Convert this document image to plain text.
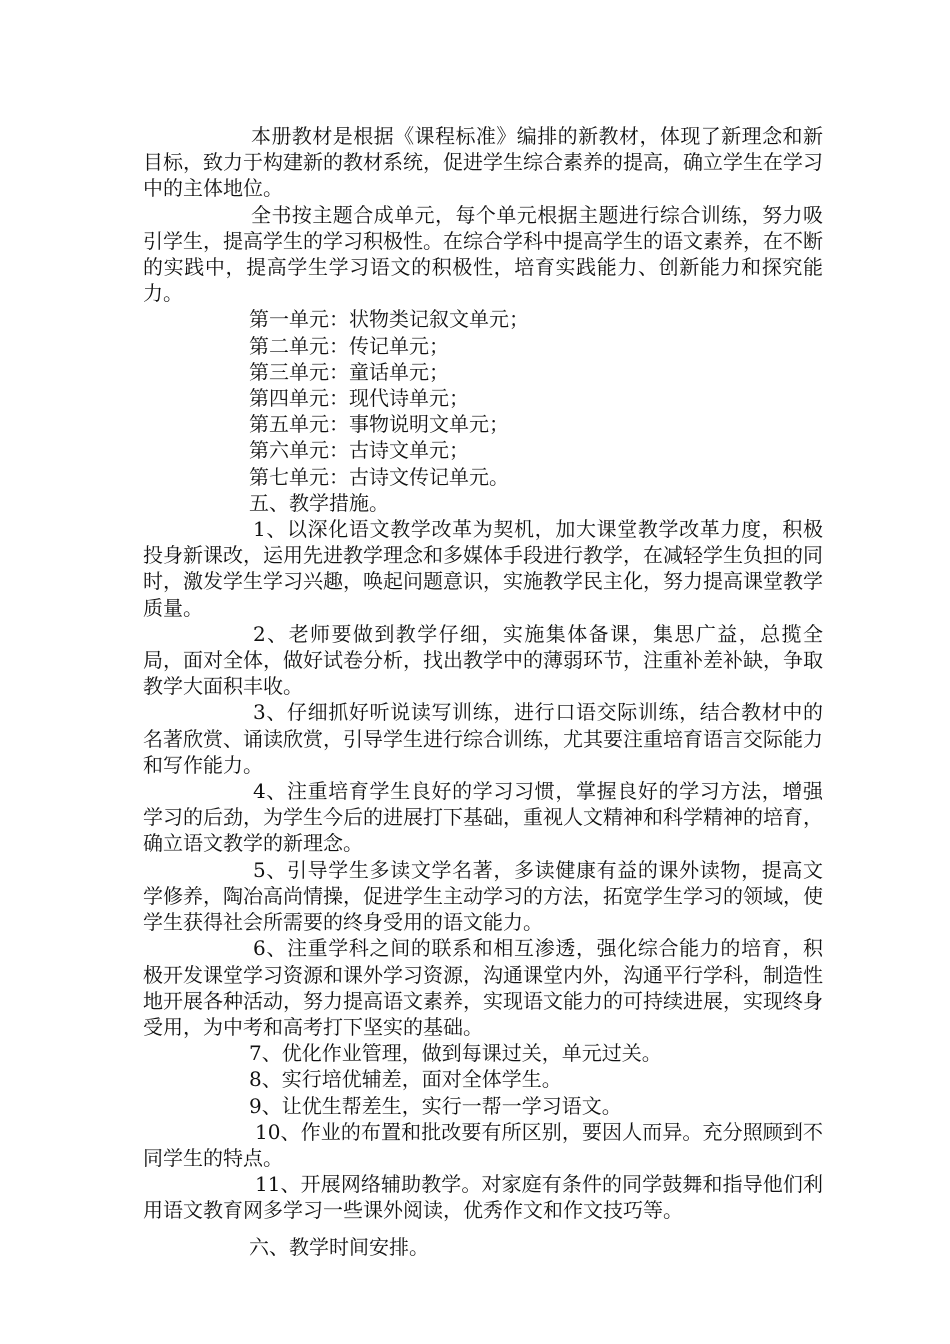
本册教材是根据《课程标准》编排的新教材，体现了新理念和新目标，致力于构建新的教材系统，促进学生综合素养的提高，确立学生在学习中的主体地位。

全书按主题合成单元，每个单元根据主题进行综合训练，努力吸引学生，提高学生的学习积极性。在综合学科中提高学生的语文素养，在不断的实践中，提高学生学习语文的积极性，培育实践能力、创新能力和探究能力。

第一单元：状物类记叙文单元；

第二单元：传记单元；

第三单元：童话单元；

第四单元：现代诗单元；

第五单元：事物说明文单元；

第六单元：古诗文单元；

第七单元：古诗文传记单元。

五、教学措施。

1、以深化语文教学改革为契机，加大课堂教学改革力度，积极投身新课改，运用先进教学理念和多媒体手段进行教学，在减轻学生负担的同时，激发学生学习兴趣，唤起问题意识，实施教学民主化，努力提高课堂教学质量。

2、老师要做到教学仔细，实施集体备课，集思广益，总揽全局，面对全体，做好试卷分析，找出教学中的薄弱环节，注重补差补缺，争取教学大面积丰收。

3、仔细抓好听说读写训练，进行口语交际训练，结合教材中的名著欣赏、诵读欣赏，引导学生进行综合训练，尤其要注重培育语言交际能力和写作能力。

4、注重培育学生良好的学习习惯，掌握良好的学习方法，增强学习的后劲，为学生今后的进展打下基础，重视人文精神和科学精神的培育，确立语文教学的新理念。

5、引导学生多读文学名著，多读健康有益的课外读物，提高文学修养，陶冶高尚情操，促进学生主动学习的方法，拓宽学生学习的领域，使学生获得社会所需要的终身受用的语文能力。

6、注重学科之间的联系和相互渗透，强化综合能力的培育，积极开发课堂学习资源和课外学习资源，沟通课堂内外，沟通平行学科，制造性地开展各种活动，努力提高语文素养，实现语文能力的可持续进展，实现终身受用，为中考和高考打下坚实的基础。

7、优化作业管理，做到每课过关，单元过关。

8、实行培优辅差，面对全体学生。

9、让优生帮差生，实行一帮一学习语文。

10、作业的布置和批改要有所区别，要因人而异。充分照顾到不同学生的特点。

11、开展网络辅助教学。对家庭有条件的同学鼓舞和指导他们利用语文教育网多学习一些课外阅读，优秀作文和作文技巧等。

六、教学时间安排。
